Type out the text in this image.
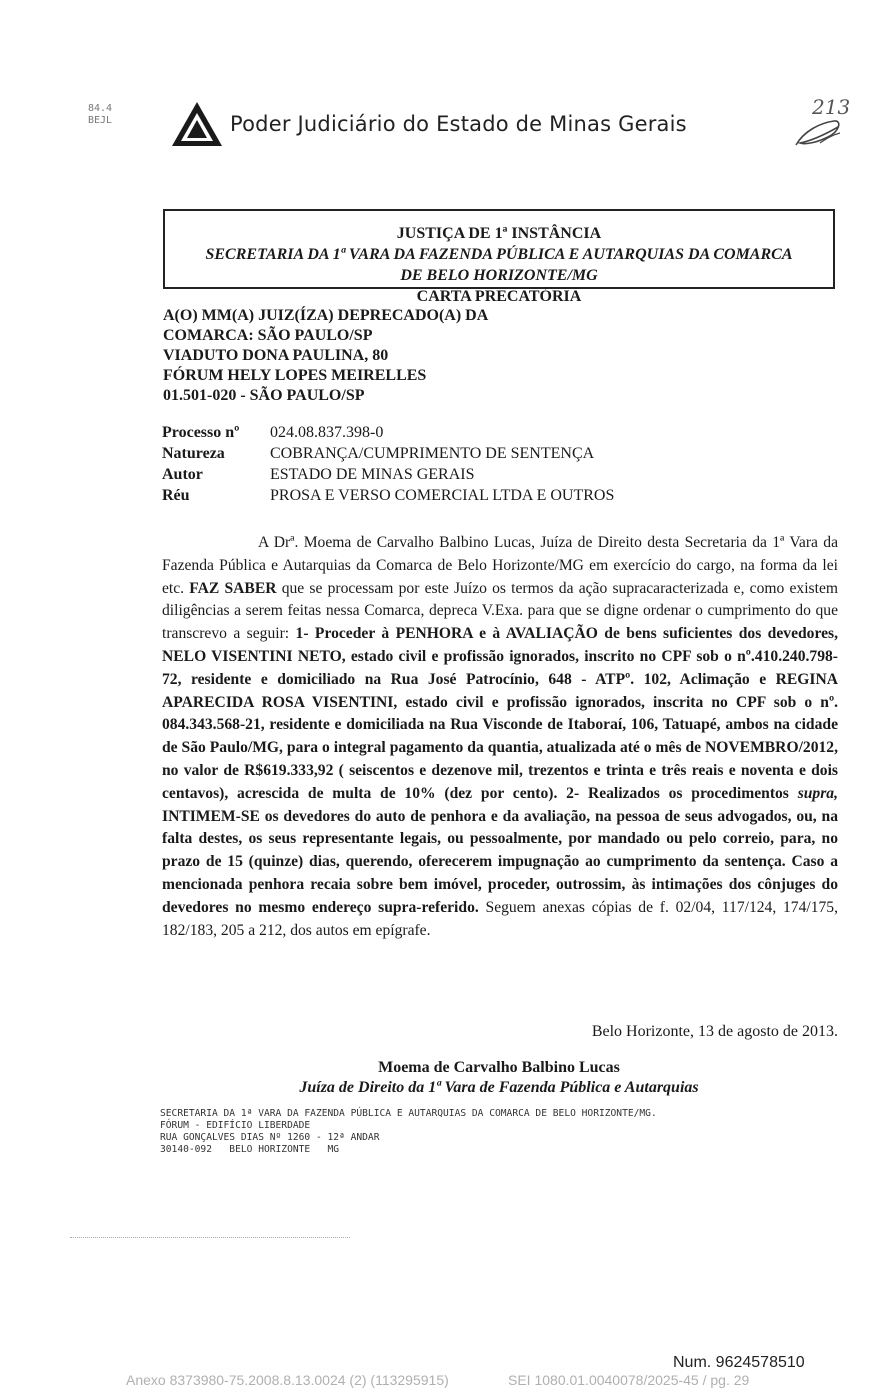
84.4
BEJL	Poder Judiciário do Estado de Minas Gerais
213
JUSTIÇA DE 1ª INSTÂNCIA
SECRETARIA DA 1ª VARA DA FAZENDA PÚBLICA E AUTARQUIAS DA COMARCA
DE BELO HORIZONTE/MG
CARTA PRECATÓRIA
A(O) MM(A) JUIZ(ÍZA) DEPRECADO(A) DA
COMARCA: SÃO PAULO/SP
VIADUTO DONA PAULINA, 80
FÓRUM HELY LOPES MEIRELLES
01.501-020 - SÃO PAULO/SP
Processo nº	024.08.837.398-0
Natureza	COBRANÇA/CUMPRIMENTO DE SENTENÇA
Autor	ESTADO DE MINAS GERAIS
Réu	PROSA E VERSO COMERCIAL LTDA E OUTROS
A Drª. Moema de Carvalho Balbino Lucas, Juíza de Direito desta Secretaria da 1ª Vara da Fazenda Pública e Autarquias da Comarca de Belo Horizonte/MG em exercício do cargo, na forma da lei etc. FAZ SABER que se processam por este Juízo os termos da ação supracaracterizada e, como existem diligências a serem feitas nessa Comarca, depreca V.Exa. para que se digne ordenar o cumprimento do que transcrevo a seguir: 1- Proceder à PENHORA e à AVALIAÇÃO de bens suficientes dos devedores, NELO VISENTINI NETO, estado civil e profissão ignorados, inscrito no CPF sob o nº.410.240.798-72, residente e domiciliado na Rua José Patrocínio, 648 - ATPº. 102, Aclimação e REGINA APARECIDA ROSA VISENTINI, estado civil e profissão ignorados, inscrita no CPF sob o nº. 084.343.568-21, residente e domiciliada na Rua Visconde de Itaboraí, 106, Tatuapé, ambos na cidade de São Paulo/MG, para o integral pagamento da quantia, atualizada até o mês de NOVEMBRO/2012, no valor de R$619.333,92 ( seiscentos e dezenove mil, trezentos e trinta e três reais e noventa e dois centavos), acrescida de multa de 10% (dez por cento). 2- Realizados os procedimentos supra, INTIMEM-SE os devedores do auto de penhora e da avaliação, na pessoa de seus advogados, ou, na falta destes, os seus representante legais, ou pessoalmente, por mandado ou pelo correio, para, no prazo de 15 (quinze) dias, querendo, oferecerem impugnação ao cumprimento da sentença. Caso a mencionada penhora recaia sobre bem imóvel, proceder, outrossim, às intimações dos cônjuges do devedores no mesmo endereço supra-referido. Seguem anexas cópias de f. 02/04, 117/124, 174/175, 182/183, 205 a 212, dos autos em epígrafe.
Belo Horizonte, 13 de agosto de 2013.
Moema de Carvalho Balbino Lucas
Juíza de Direito da 1ª Vara de Fazenda Pública e Autarquias
SECRETARIA DA 1ª VARA DA FAZENDA PÚBLICA E AUTARQUIAS DA COMARCA DE BELO HORIZONTE/MG.
FÓRUM - EDIFÍCIO LIBERDADE
RUA GONÇALVES DIAS Nº 1260 - 12ª ANDAR
30140-092   BELO HORIZONTE   MG
Num. 9624578510
Anexo 8373980-75.2008.8.13.0024 (2) (113295915)	SEI 1080.01.0040078/2025-45 / pg. 29
